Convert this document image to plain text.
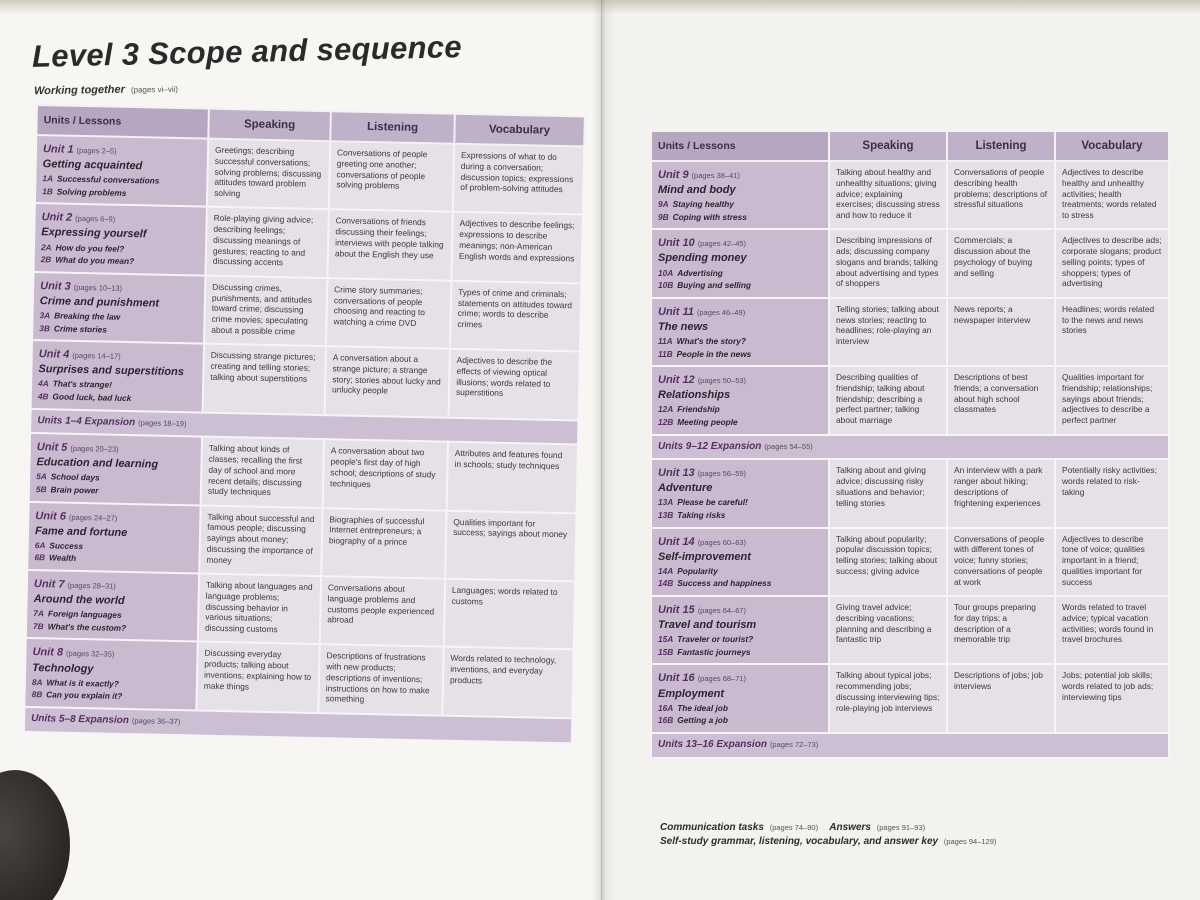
Level 3 Scope and sequence
Working together (pages vi–vii)
Units / Lessons	Speaking	Listening	Vocabulary

Unit 1 (pages 2–5)
Getting acquainted
1A Successful conversations
1B Solving problems	Greetings; describing successful conversations; solving problems; discussing attitudes toward problem solving	Conversations of people greeting one another; conversations of people solving problems	Expressions of what to do during a conversation; discussion topics; expressions of problem-solving attitudes

Unit 2 (pages 6–9)
Expressing yourself
2A How do you feel?
2B What do you mean?	Role-playing giving advice; describing feelings; discussing meanings of gestures; reacting to and discussing accents	Conversations of friends discussing their feelings; interviews with people talking about the English they use	Adjectives to describe feelings; expressions to describe meanings; non-American English words and expressions

Unit 3 (pages 10–13)
Crime and punishment
3A Breaking the law
3B Crime stories	Discussing crimes, punishments, and attitudes toward crime; discussing crime movies; speculating about a possible crime	Crime story summaries; conversations of people choosing and reacting to watching a crime DVD	Types of crime and criminals; statements on attitudes toward crime; words to describe crimes

Unit 4 (pages 14–17)
Surprises and superstitions
4A That's strange!
4B Good luck, bad luck	Discussing strange pictures; creating and telling stories; talking about superstitions	A conversation about a strange picture; a strange story; stories about lucky and unlucky people	Adjectives to describe the effects of viewing optical illusions; words related to superstitions
Units 1–4 Expansion (pages 18–19)			

Unit 5 (pages 20–23)
Education and learning
5A School days
5B Brain power	Talking about kinds of classes; recalling the first day of school and more recent details; discussing study techniques	A conversation about two people's first day of high school; descriptions of study techniques	Attributes and features found in schools; study techniques

Unit 6 (pages 24–27)
Fame and fortune
6A Success
6B Wealth	Talking about successful and famous people; discussing sayings about money; discussing the importance of money	Biographies of successful Internet entrepreneurs; a biography of a prince	Qualities important for success; sayings about money

Unit 7 (pages 28–31)
Around the world
7A Foreign languages
7B What's the custom?	Talking about languages and language problems; discussing behavior in various situations; discussing customs	Conversations about language problems and customs people experienced abroad	Languages; words related to customs

Unit 8 (pages 32–35)
Technology
8A What is it exactly?
8B Can you explain it?	Discussing everyday products; talking about inventions; explaining how to make things	Descriptions of frustrations with new products; descriptions of inventions; instructions on how to make something	Words related to technology, inventions, and everyday products
Units 5–8 Expansion (pages 36–37)			
Units / Lessons	Speaking	Listening	Vocabulary

Unit 9 (pages 38–41)
Mind and body
9A Staying healthy
9B Coping with stress	Talking about healthy and unhealthy situations; giving advice; explaining exercises; discussing stress and how to reduce it	Conversations of people describing health problems; descriptions of stressful situations	Adjectives to describe healthy and unhealthy activities; health treatments; words related to stress

Unit 10 (pages 42–45)
Spending money
10A Advertising
10B Buying and selling	Describing impressions of ads; discussing company slogans and brands; talking about advertising and types of shoppers	Commercials; a discussion about the psychology of buying and selling	Adjectives to describe ads; corporate slogans; product selling points; types of shoppers; types of advertising

Unit 11 (pages 46–49)
The news
11A What's the story?
11B People in the news	Telling stories; talking about news stories; reacting to headlines; role-playing an interview	News reports; a newspaper interview	Headlines; words related to the news and news stories

Unit 12 (pages 50–53)
Relationships
12A Friendship
12B Meeting people	Describing qualities of friendship; talking about friendship; describing a perfect partner; talking about marriage	Descriptions of best friends; a conversation about high school classmates	Qualities important for friendship; relationships; sayings about friends; adjectives to describe a perfect partner
Units 9–12 Expansion (pages 54–55)			

Unit 13 (pages 56–59)
Adventure
13A Please be careful!
13B Taking risks	Talking about and giving advice; discussing risky situations and behavior; telling stories	An interview with a park ranger about hiking; descriptions of frightening experiences	Potentially risky activities; words related to risk-taking

Unit 14 (pages 60–63)
Self-improvement
14A Popularity
14B Success and happiness	Talking about popularity; popular discussion topics; telling stories; talking about success; giving advice	Conversations of people with different tones of voice; funny stories; conversations of people at work	Adjectives to describe tone of voice; qualities important in a friend; qualities important for success

Unit 15 (pages 64–67)
Travel and tourism
15A Traveler or tourist?
15B Fantastic journeys	Giving travel advice; describing vacations; planning and describing a fantastic trip	Tour groups preparing for day trips; a description of a memorable trip	Words related to travel advice; typical vacation activities; words found in travel brochures

Unit 16 (pages 68–71)
Employment
16A The ideal job
16B Getting a job	Talking about typical jobs; recommending jobs; discussing interviewing tips; role-playing job interviews	Descriptions of jobs; job interviews	Jobs; potential job skills; words related to job ads; interviewing tips
Units 13–16 Expansion (pages 72–73)			
Communication tasks (pages 74–90) Answers (pages 91–93)
Self-study grammar, listening, vocabulary, and answer key (pages 94–129)
